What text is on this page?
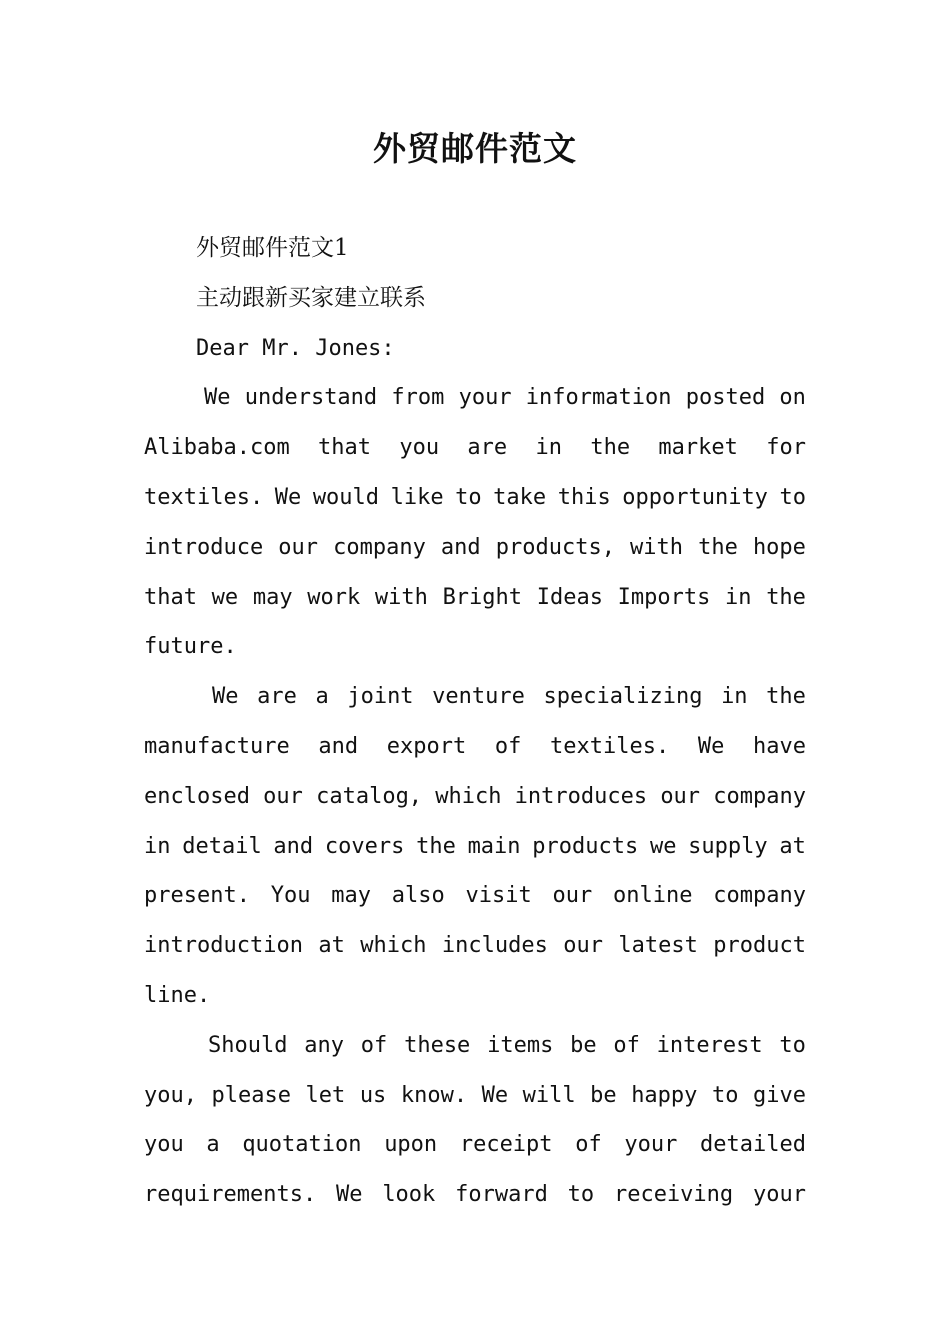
外贸邮件范文
外贸邮件范文1
主动跟新买家建立联系
Dear Mr. Jones:
We understand from your information posted on
Alibaba.com that you are in the market for
textiles. We would like to take this opportunity to
introduce our company and products, with the hope
that we may work with Bright Ideas Imports in the
future.
We are a joint venture specializing in the
manufacture and export of textiles. We have
enclosed our catalog, which introduces our company
in detail and covers the main products we supply at
present. You may also visit our online company
introduction at which includes our latest product
line.
Should any of these items be of interest to
you, please let us know. We will be happy to give
you a quotation upon receipt of your detailed
requirements. We look forward to receiving your
